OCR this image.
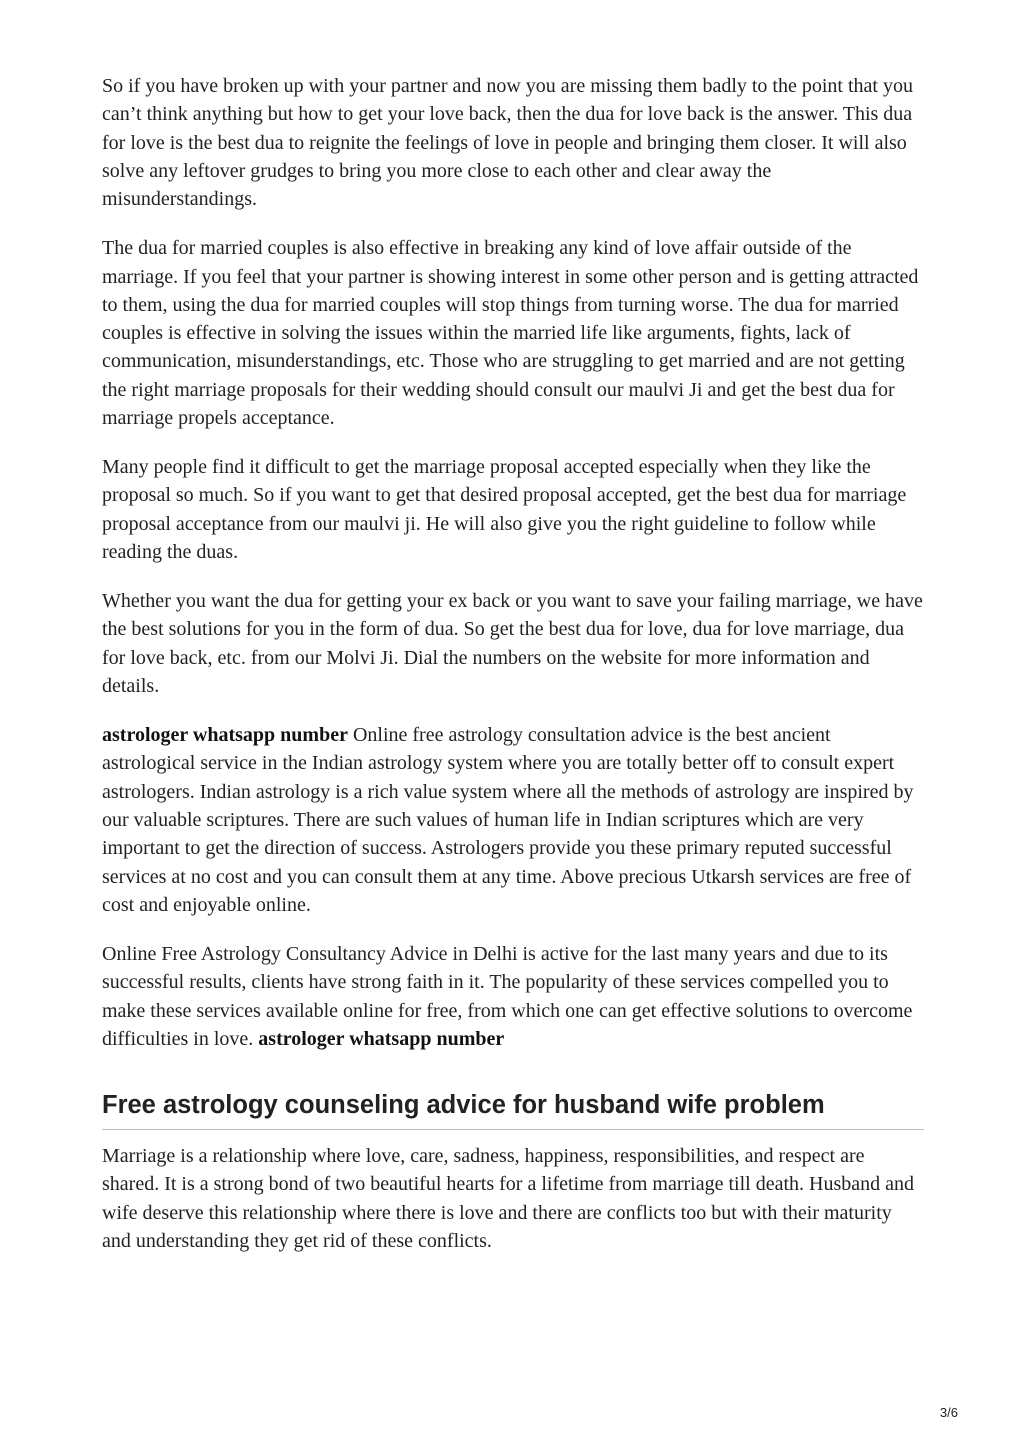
So if you have broken up with your partner and now you are missing them badly to the point that you can’t think anything but how to get your love back, then the dua for love back is the answer. This dua for love is the best dua to reignite the feelings of love in people and bringing them closer. It will also solve any leftover grudges to bring you more close to each other and clear away the misunderstandings.

The dua for married couples is also effective in breaking any kind of love affair outside of the marriage. If you feel that your partner is showing interest in some other person and is getting attracted to them, using the dua for married couples will stop things from turning worse. The dua for married couples is effective in solving the issues within the married life like arguments, fights, lack of communication, misunderstandings, etc. Those who are struggling to get married and are not getting the right marriage proposals for their wedding should consult our maulvi Ji and get the best dua for marriage propels acceptance.

Many people find it difficult to get the marriage proposal accepted especially when they like the proposal so much. So if you want to get that desired proposal accepted, get the best dua for marriage proposal acceptance from our maulvi ji. He will also give you the right guideline to follow while reading the duas.

Whether you want the dua for getting your ex back or you want to save your failing marriage, we have the best solutions for you in the form of dua. So get the best dua for love, dua for love marriage, dua for love back, etc. from our Molvi Ji. Dial the numbers on the website for more information and details.

astrologer whatsapp number Online free astrology consultation advice is the best ancient astrological service in the Indian astrology system where you are totally better off to consult expert astrologers. Indian astrology is a rich value system where all the methods of astrology are inspired by our valuable scriptures. There are such values of human life in Indian scriptures which are very important to get the direction of success. Astrologers provide you these primary reputed successful services at no cost and you can consult them at any time. Above precious Utkarsh services are free of cost and enjoyable online.

Online Free Astrology Consultancy Advice in Delhi is active for the last many years and due to its successful results, clients have strong faith in it. The popularity of these services compelled you to make these services available online for free, from which one can get effective solutions to overcome difficulties in love. astrologer whatsapp number

Free astrology counseling advice for husband wife problem

Marriage is a relationship where love, care, sadness, happiness, responsibilities, and respect are shared. It is a strong bond of two beautiful hearts for a lifetime from marriage till death. Husband and wife deserve this relationship where there is love and there are conflicts too but with their maturity and understanding they get rid of these conflicts.

3/6
